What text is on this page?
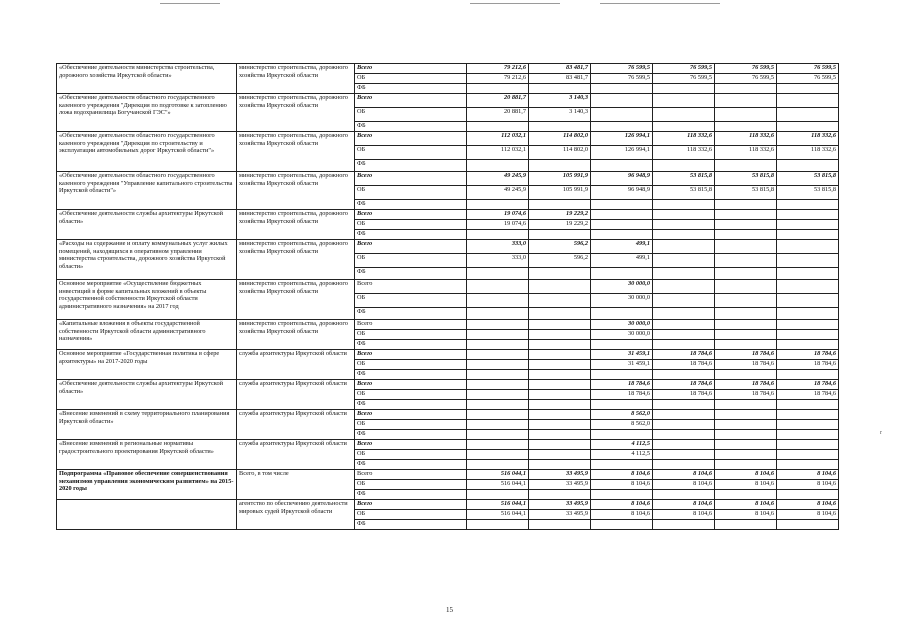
«Обеспечение деятельности министерства строительства, дорожного хозяйства Иркутской области»	министерство строительства, дорожного хозяйства Иркутской области	Всего	79 212,6	83 481,7	76 599,5	76 599,5	76 599,5	76 599,5
		ОБ	79 212,6	83 481,7	76 599,5	76 599,5	76 599,5	76 599,5
		ФБ						
«Обеспечение деятельности областного государственного казенного учреждения "Дирекция по подготовке к затоплению ложа водохранилища Богучанской ГЭС"»	министерство строительства, дорожного хозяйства Иркутской области	Всего	20 881,7	3 140,3				
		ОБ	20 881,7	3 140,3				
		ФБ						
«Обеспечение деятельности областного государственного казенного учреждения "Дирекция по строительству и эксплуатации автомобильных дорог Иркутской области"»	министерство строительства, дорожного хозяйства Иркутской области	Всего	112 032,1	114 802,0	126 994,1	118 332,6	118 332,6	118 332,6
		ОБ	112 032,1	114 802,0	126 994,1	118 332,6	118 332,6	118 332,6
		ФБ						
«Обеспечение деятельности областного государственного казенного учреждения "Управление капитального строительства Иркутской области"»	министерство строительства, дорожного хозяйства Иркутской области	Всего	49 245,9	105 991,9	96 948,9	53 815,8	53 815,8	53 815,8
		ОБ	49 245,9	105 991,9	96 948,9	53 815,8	53 815,8	53 815,8
		ФБ						
«Обеспечение деятельности службы архитектуры Иркутской области»	министерство строительства, дорожного хозяйства Иркутской области	Всего	19 074,6	19 229,2				
		ОБ	19 074,6	19 229,2				
		ФБ						
«Расходы на содержание и оплату коммунальных услуг жилых помещений, находящихся в оперативном управлении министерства строительства, дорожного хозяйства Иркутской области»	министерство строительства, дорожного хозяйства Иркутской области	Всего	333,0	596,2	499,1			
		ОБ	333,0	596,2	499,1			
		ФБ						
Основное мероприятие «Осуществление бюджетных инвестиций в форме капитальных вложений в объекты государственной собственности Иркутской области административного назначения» на 2017 год	министерство строительства, дорожного хозяйства Иркутской области	Всего			30 000,0			
		ОБ			30 000,0			
		ФБ						
«Капитальные вложения в объекты государственной собственности Иркутской области административного назначения»	министерство строительства, дорожного хозяйства Иркутской области	Всего			30 000,0			
		ОБ			30 000,0			
		ФБ						
Основное мероприятие «Государственная политика в сфере архитектуры» на 2017-2020 годы	служба архитектуры Иркутской области	Всего			31 459,1	18 784,6	18 784,6	18 784,6
		ОБ			31 459,1	18 784,6	18 784,6	18 784,6
		ФБ						
«Обеспечение деятельности службы архитектуры Иркутской области»	служба архитектуры Иркутской области	Всего			18 784,6	18 784,6	18 784,6	18 784,6
		ОБ			18 784,6	18 784,6	18 784,6	18 784,6
		ФБ						
«Внесение изменений в схему территориального планирования Иркутской области»	служба архитектуры Иркутской области	Всего			8 562,0			
		ОБ			8 562,0			
		ФБ						
«Внесение изменений в региональные нормативы градостроительного проектирования Иркутской области»	служба архитектуры Иркутской области	Всего			4 112,5			
		ОБ			4 112,5			
		ФБ						
Подпрограмма «Правовое обеспечение совершенствования механизмов управления экономическим развитием» на 2015-2020 годы	Всего, в том числе	Всего	516 044,1	33 495,9	8 104,6	8 104,6	8 104,6	8 104,6
		ОБ	516 044,1	33 495,9	8 104,6	8 104,6	8 104,6	8 104,6
		ФБ						
	агентство по обеспечению деятельности мировых судей Иркутской области	Всего	516 044,1	33 495,9	8 104,6	8 104,6	8 104,6	8 104,6
		ОБ	516 044,1	33 495,9	8 104,6	8 104,6	8 104,6	8 104,6
		ФБ						
15
r
